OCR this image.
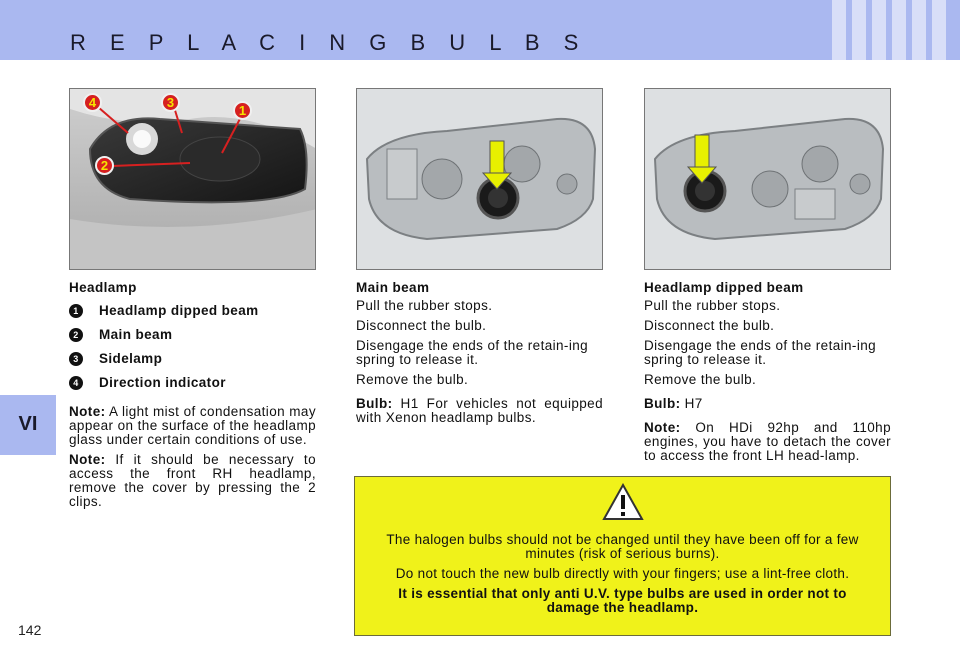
R E P L A C I N G B U L B S
VI
4	3
1
2

Headlamp

1	Headlamp dipped beam
2	Main beam
3	Sidelamp
4	Direction indicator

Note: A light mist of condensation may appear on the surface of the headlamp glass under certain conditions of use.

Note: If it should be necessary to access the front RH headlamp, remove the cover by pressing the 2 clips.

Main beam

Pull the rubber stops.

Disconnect the bulb.

Disengage the ends of the retain-ing spring to release it.

Remove the bulb.

Bulb: H1 For vehicles not equipped with Xenon headlamp bulbs.

Headlamp dipped beam

Pull the rubber stops.

Disconnect the bulb.

Disengage the ends of the retain-ing spring to release it.

Remove the bulb.

Bulb: H7

Note: On HDi 92hp and 110hp engines, you have to detach the cover to access the front LH head-lamp.

The halogen bulbs should not be changed until they have been off for a few minutes (risk of serious burns).

Do not touch the new bulb directly with your fingers; use a lint-free cloth.

It is essential that only anti U.V. type bulbs are used in order not to damage the headlamp.

142
